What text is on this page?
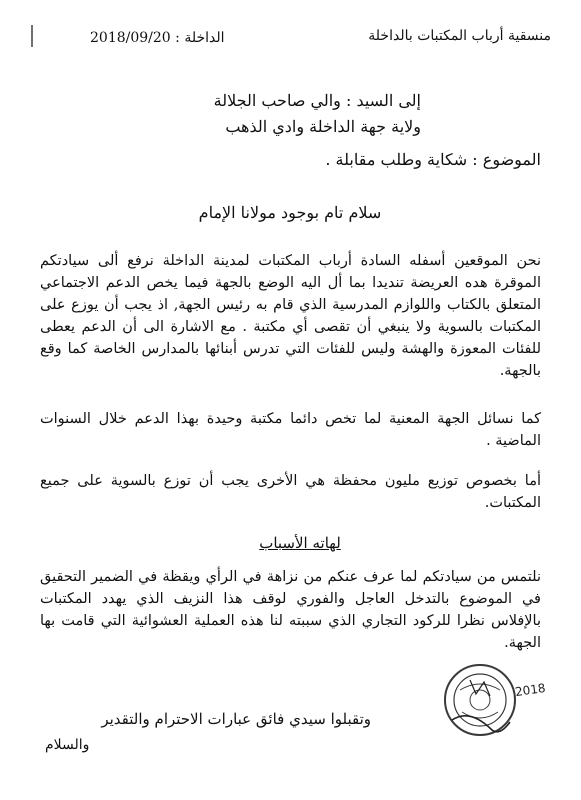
منسقية أرباب المكتبات بالداخلة
الداخلة : 2018/09/20
إلى السيد : والي صاحب الجلالة
ولاية جهة الداخلة وادي الذهب
الموضوع : شكاية وطلب مقابلة .
سلام تام بوجود مولانا الإمام
نحن الموقعين أسفله السادة أرباب المكتبات لمدينة الداخلة نرفع ألى سيادتكم الموقرة هده العريضة تنديدا بما أل اليه الوضع بالجهة فيما يخص الدعم الاجتماعي المتعلق بالكتاب واللوازم المدرسية الذي قام به رئيس الجهة, اذ يجب أن يوزع على المكتبات بالسوية ولا ينبغي أن تقصى أي مكتبة . مع الاشارة الى أن الدعم يعطى للفئات المعوزة والهشة وليس للفئات التي تدرس أبنائها بالمدارس الخاصة كما وقع بالجهة.
كما نسائل الجهة المعنية لما تخص دائما مكتبة وحيدة بهذا الدعم خلال السنوات الماضية .
أما بخصوص توزيع مليون محفظة هي الأخرى يجب أن توزع بالسوية على جميع المكتبات.
لهاته الأسباب
نلتمس من سيادتكم لما عرف عنكم من نزاهة في الرأي ويقظة في الضمير التحقيق في الموضوع بالتدخل العاجل والفوري لوقف هذا النزيف الذي يهدد المكتبات بالإفلاس نظرا للركود التجاري الذي سببته لنا هذه العملية العشوائية التي قامت بها الجهة.
وتقبلوا سيدي فائق عبارات الاحترام والتقدير
2018
والسلام
